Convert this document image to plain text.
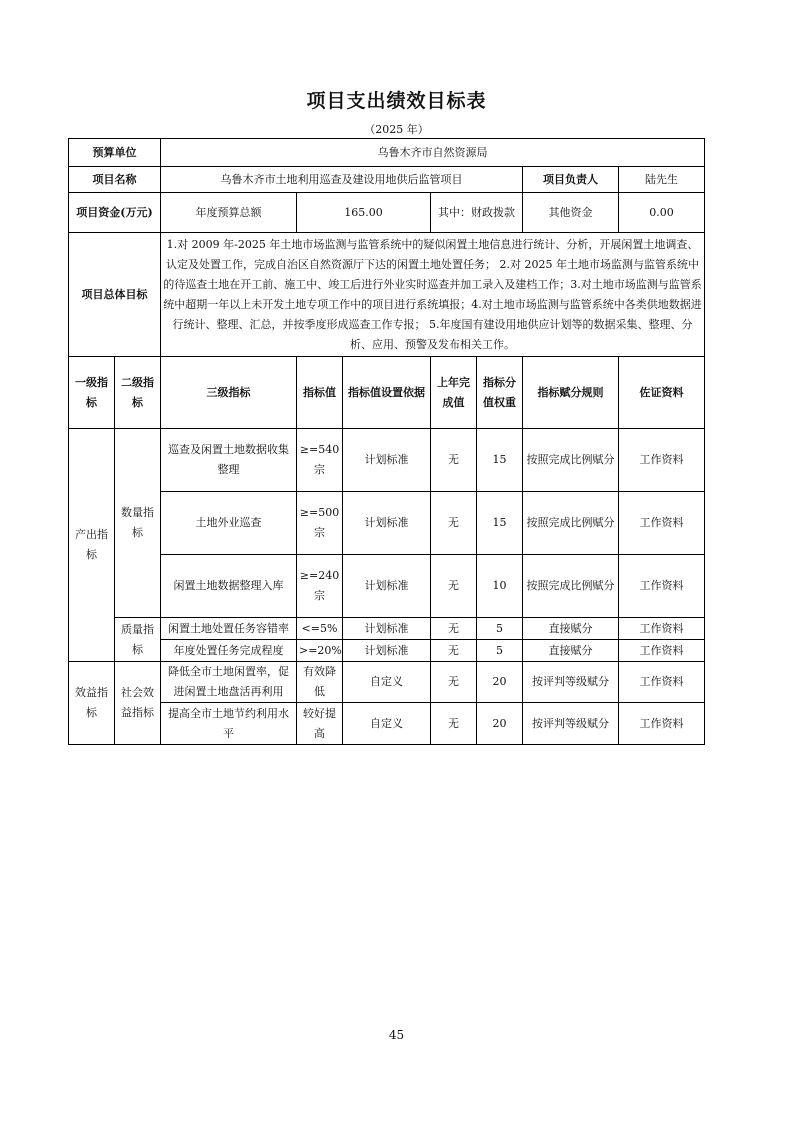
项目支出绩效目标表
（2025 年）
预算单位		乌鲁木齐市自然资源局						
项目名称		乌鲁木齐市土地利用巡查及建设用地供后监管项目					项目负责人	陆先生
项目资金(万元)		年度预算总额	165.00		其中：财政拨款		其他资金	0.00
项目总体目标		1.对 2009 年-2025 年土地市场监测与监管系统中的疑似闲置土地信息进行统计、分析，开展闲置土地调查、认定及处置工作，完成自治区自然资源厅下达的闲置土地处置任务； 2.对 2025 年土地市场监测与监管系统中的待巡查土地在开工前、施工中、竣工后进行外业实时巡查并加工录入及建档工作；3.对土地市场监测与监管系统中超期一年以上未开发土地专项工作中的项目进行系统填报；4.对土地市场监测与监管系统中各类供地数据进行统计、整理、汇总，并按季度形成巡查工作专报； 5.年度国有建设用地供应计划等的数据采集、整理、分析、应用、预警及发布相关工作。						
一级指标	二级指标	三级指标	指标值	指标值设置依据	上年完成值	指标分值权重	指标赋分规则	佐证资料
产出指标	数量指标	巡查及闲置土地数据收集整理	≥=540宗	计划标准	无	15	按照完成比例赋分	工作资料
		土地外业巡查	≥=500宗	计划标准	无	15	按照完成比例赋分	工作资料
		闲置土地数据整理入库	≥=240宗	计划标准	无	10	按照完成比例赋分	工作资料
	质量指标	闲置土地处置任务容错率	<=5%	计划标准	无	5	直接赋分	工作资料
		年度处置任务完成程度	>=20%	计划标准	无	5	直接赋分	工作资料
效益指标	社会效益指标	降低全市土地闲置率，促进闲置土地盘活再利用	有效降低	自定义	无	20	按评判等级赋分	工作资料
		提高全市土地节约利用水平	较好提高	自定义	无	20	按评判等级赋分	工作资料
45
